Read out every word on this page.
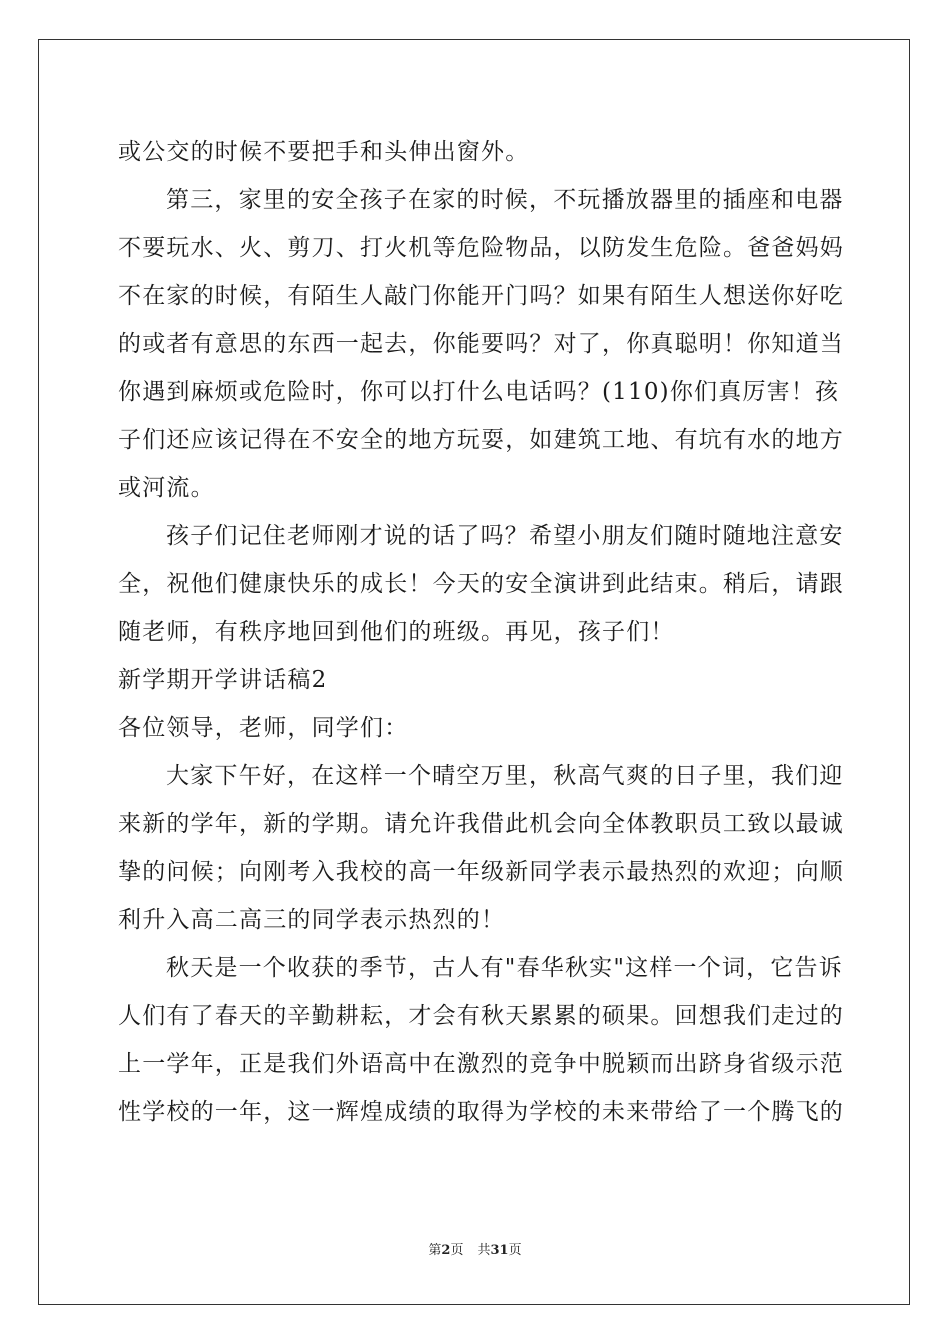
或公交的时候不要把手和头伸出窗外。
第三，家里的安全孩子在家的时候，不玩播放器里的插座和电器
不要玩水、火、剪刀、打火机等危险物品，以防发生危险。爸爸妈妈
不在家的时候，有陌生人敲门你能开门吗？如果有陌生人想送你好吃
的或者有意思的东西一起去，你能要吗？对了，你真聪明！你知道当
你遇到麻烦或危险时，你可以打什么电话吗？(110)你们真厉害！孩
子们还应该记得在不安全的地方玩耍，如建筑工地、有坑有水的地方
或河流。
孩子们记住老师刚才说的话了吗？希望小朋友们随时随地注意安
全，祝他们健康快乐的成长！今天的安全演讲到此结束。稍后，请跟
随老师，有秩序地回到他们的班级。再见，孩子们！
新学期开学讲话稿2
各位领导，老师，同学们：
大家下午好，在这样一个晴空万里，秋高气爽的日子里，我们迎
来新的学年，新的学期。请允许我借此机会向全体教职员工致以最诚
挚的问候；向刚考入我校的高一年级新同学表示最热烈的欢迎；向顺
利升入高二高三的同学表示热烈的！
秋天是一个收获的季节，古人有"春华秋实"这样一个词，它告诉
人们有了春天的辛勤耕耘，才会有秋天累累的硕果。回想我们走过的
上一学年，正是我们外语高中在激烈的竞争中脱颖而出跻身省级示范
性学校的一年，这一辉煌成绩的取得为学校的未来带给了一个腾飞的
第2页 共31页
